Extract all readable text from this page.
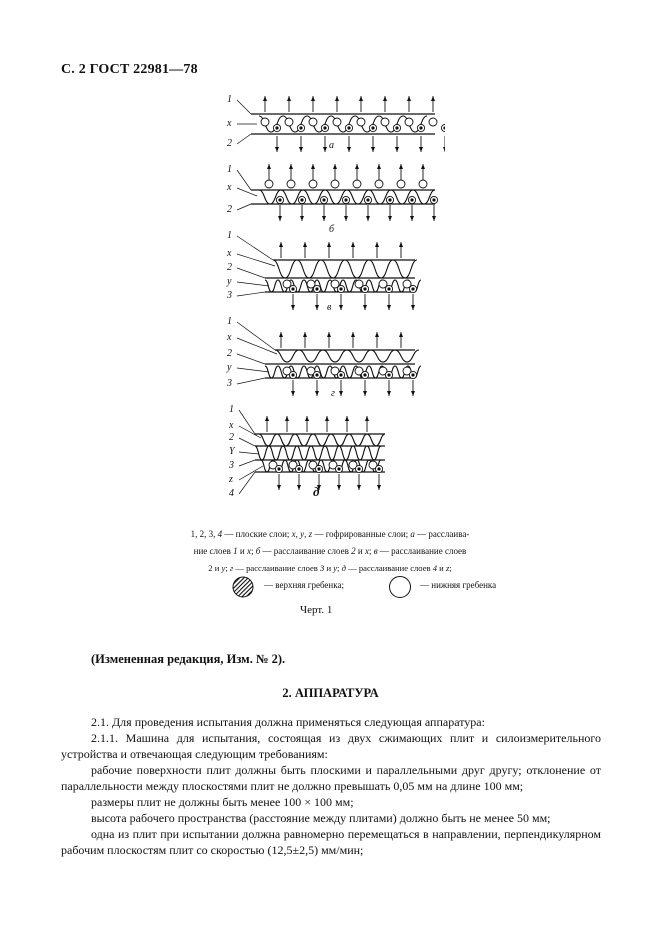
С. 2 ГОСТ 22981—78
1
x
2	а
1
x
2
б
1
x
2
y
3
в
1
x
2
y
3
г
1
x
2
Y
3
z
4	д
1, 2, 3, 4 — плоские слои; x, y, z — гофрированные слои; а — расслаива-
ние слоев 1 и x; б — расслаивание слоев 2 и x; в — расслаивание слоев
2 и y; г — расслаивание слоев 3 и y; д — расслаивание слоев 4 и z;
— верхняя гребенка;	— нижняя гребенка
Черт. 1
(Измененная редакция, Изм. № 2).
2. АППАРАТУРА

2.1. Для проведения испытания должна применяться следующая аппаратура:

2.1.1. Машина для испытания, состоящая из двух сжимающих плит и силоизмерительного устройства и отвечающая следующим требованиям:

рабочие поверхности плит должны быть плоскими и параллельными друг другу; отклонение от параллельности между плоскостями плит не должно превышать 0,05 мм на длине 100 мм;

размеры плит не должны быть менее 100 × 100 мм;

высота рабочего пространства (расстояние между плитами) должно быть не менее 50 мм;

одна из плит при испытании должна равномерно перемещаться в направлении, перпендикулярном рабочим плоскостям плит со скоростью (12,5±2,5) мм/мин;
